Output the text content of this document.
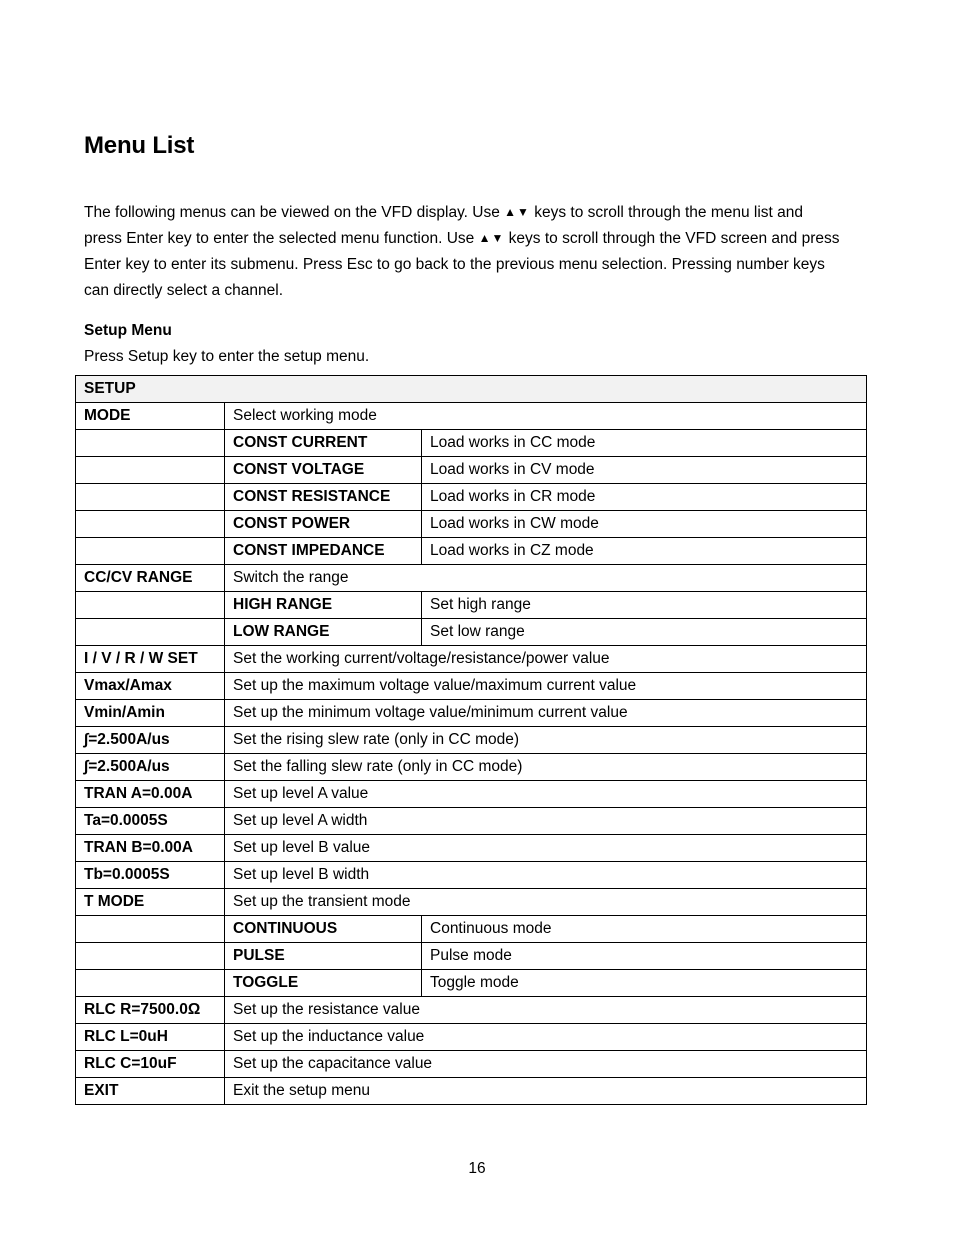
Menu List

The following menus can be viewed on the VFD display. Use ▲▼ keys to scroll through the menu list and press Enter key to enter the selected menu function. Use ▲▼ keys to scroll through the VFD screen and press Enter key to enter its submenu. Press Esc to go back to the previous menu selection. Pressing number keys can directly select a channel.

Setup Menu

Press Setup key to enter the setup menu.

SETUP		
MODE	Select working mode	
	CONST CURRENT	Load works in CC mode
	CONST VOLTAGE	Load works in CV mode
	CONST RESISTANCE	Load works in CR mode
	CONST POWER	Load works in CW mode
	CONST IMPEDANCE	Load works in CZ mode
CC/CV RANGE	Switch the range	
	HIGH RANGE	Set high range
	LOW RANGE	Set low range
I / V / R / W SET	Set the working current/voltage/resistance/power value	
Vmax/Amax	Set up the maximum voltage value/maximum current value	
Vmin/Amin	Set up the minimum voltage value/minimum current value	
∫=2.500A/us	Set the rising slew rate (only in CC mode)	
∫=2.500A/us	Set the falling slew rate (only in CC mode)	
TRAN A=0.00A	Set up level A value	
Ta=0.0005S	Set up level A width	
TRAN B=0.00A	Set up level B value	
Tb=0.0005S	Set up level B width	
T MODE	Set up the transient mode	
	CONTINUOUS	Continuous mode
	PULSE	Pulse mode
	TOGGLE	Toggle mode
RLC R=7500.0Ω	Set up the resistance value	
RLC L=0uH	Set up the inductance value	
RLC C=10uF	Set up the capacitance value	
EXIT	Exit the setup menu	
16
